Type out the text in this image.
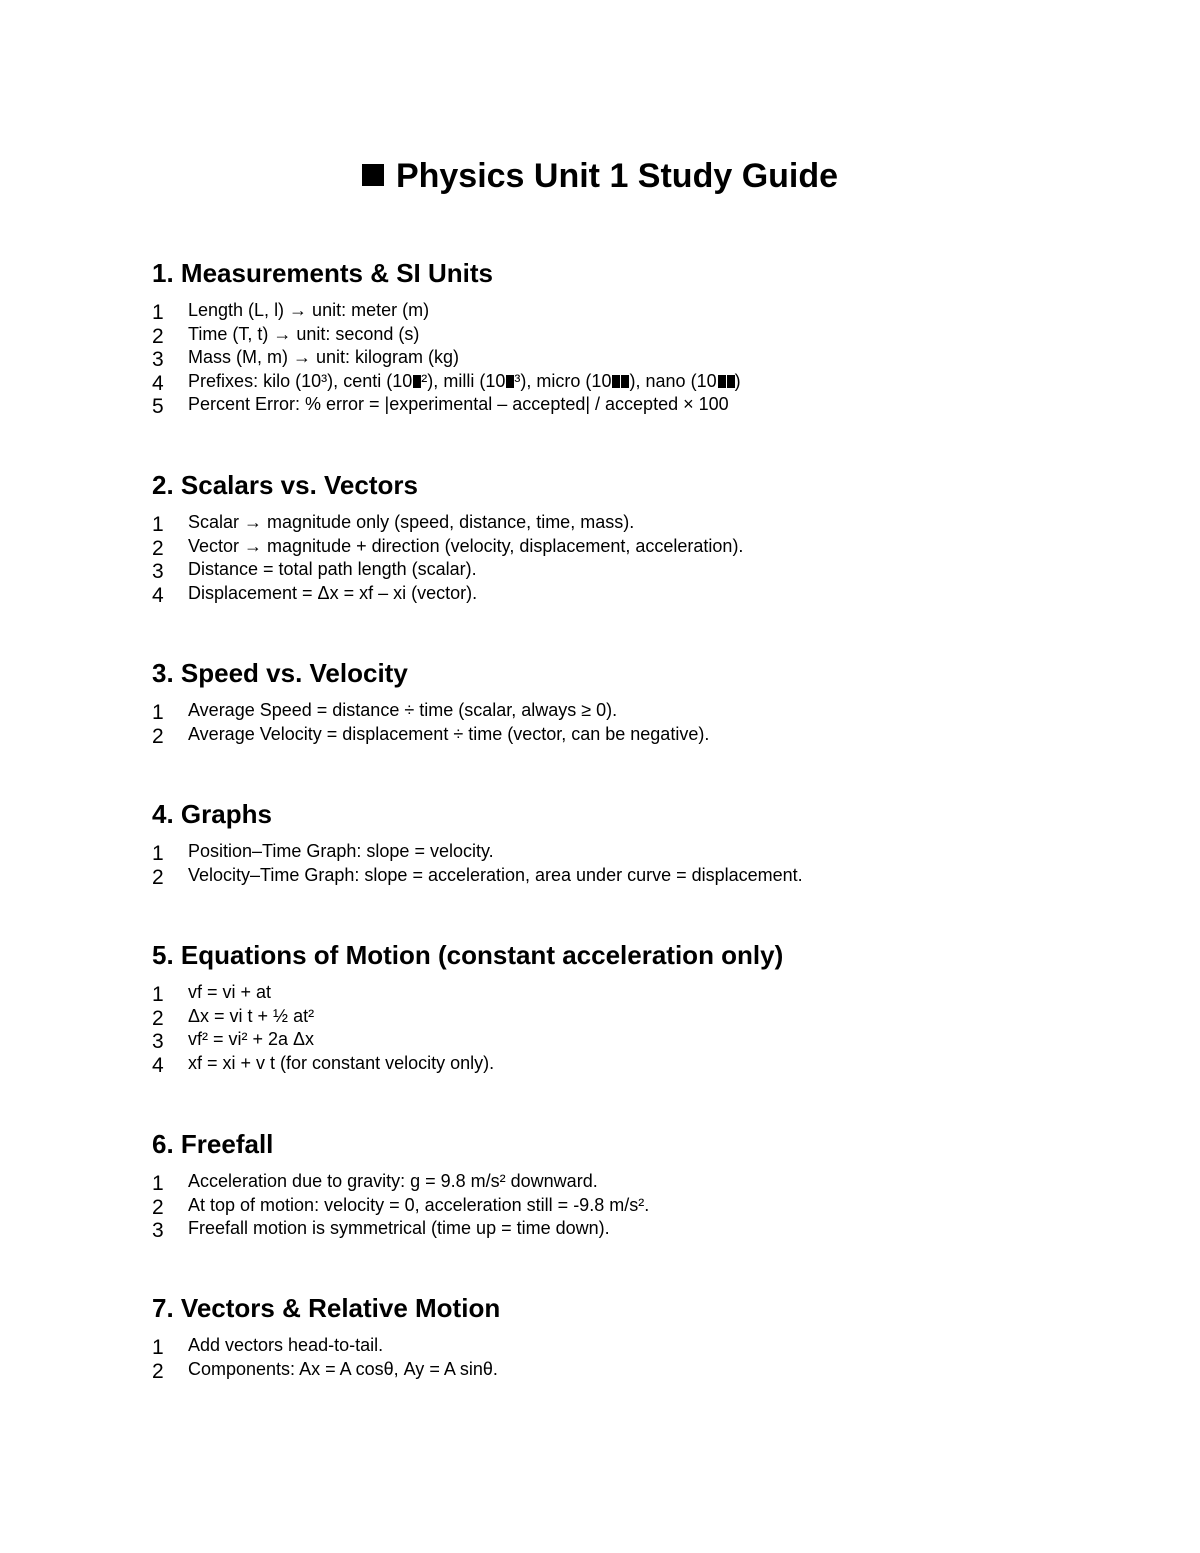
Physics Unit 1 Study Guide
1. Measurements & SI Units
1 Length (L, l) → unit: meter (m)
2 Time (T, t) → unit: second (s)
3 Mass (M, m) → unit: kilogram (kg)
4 Prefixes: kilo (10³), centi (10 ²), milli (10 ³), micro (10 ), nano (10 )
5 Percent Error: % error = |experimental – accepted| / accepted × 100
2. Scalars vs. Vectors
1 Scalar → magnitude only (speed, distance, time, mass).
2 Vector → magnitude + direction (velocity, displacement, acceleration).
3 Distance = total path length (scalar).
4 Displacement = Δx = xf – xi (vector).
3. Speed vs. Velocity
1 Average Speed = distance ÷ time (scalar, always ≥ 0).
2 Average Velocity = displacement ÷ time (vector, can be negative).
4. Graphs
1 Position–Time Graph: slope = velocity.
2 Velocity–Time Graph: slope = acceleration, area under curve = displacement.
5. Equations of Motion (constant acceleration only)
1 vf = vi + at
2 Δx = vi t + ½ at²
3 vf² = vi² + 2a Δx
4 xf = xi + v t (for constant velocity only).
6. Freefall
1 Acceleration due to gravity: g = 9.8 m/s² downward.
2 At top of motion: velocity = 0, acceleration still = -9.8 m/s².
3 Freefall motion is symmetrical (time up = time down).
7. Vectors & Relative Motion
1 Add vectors head-to-tail.
2 Components: Ax = A cosθ, Ay = A sinθ.
